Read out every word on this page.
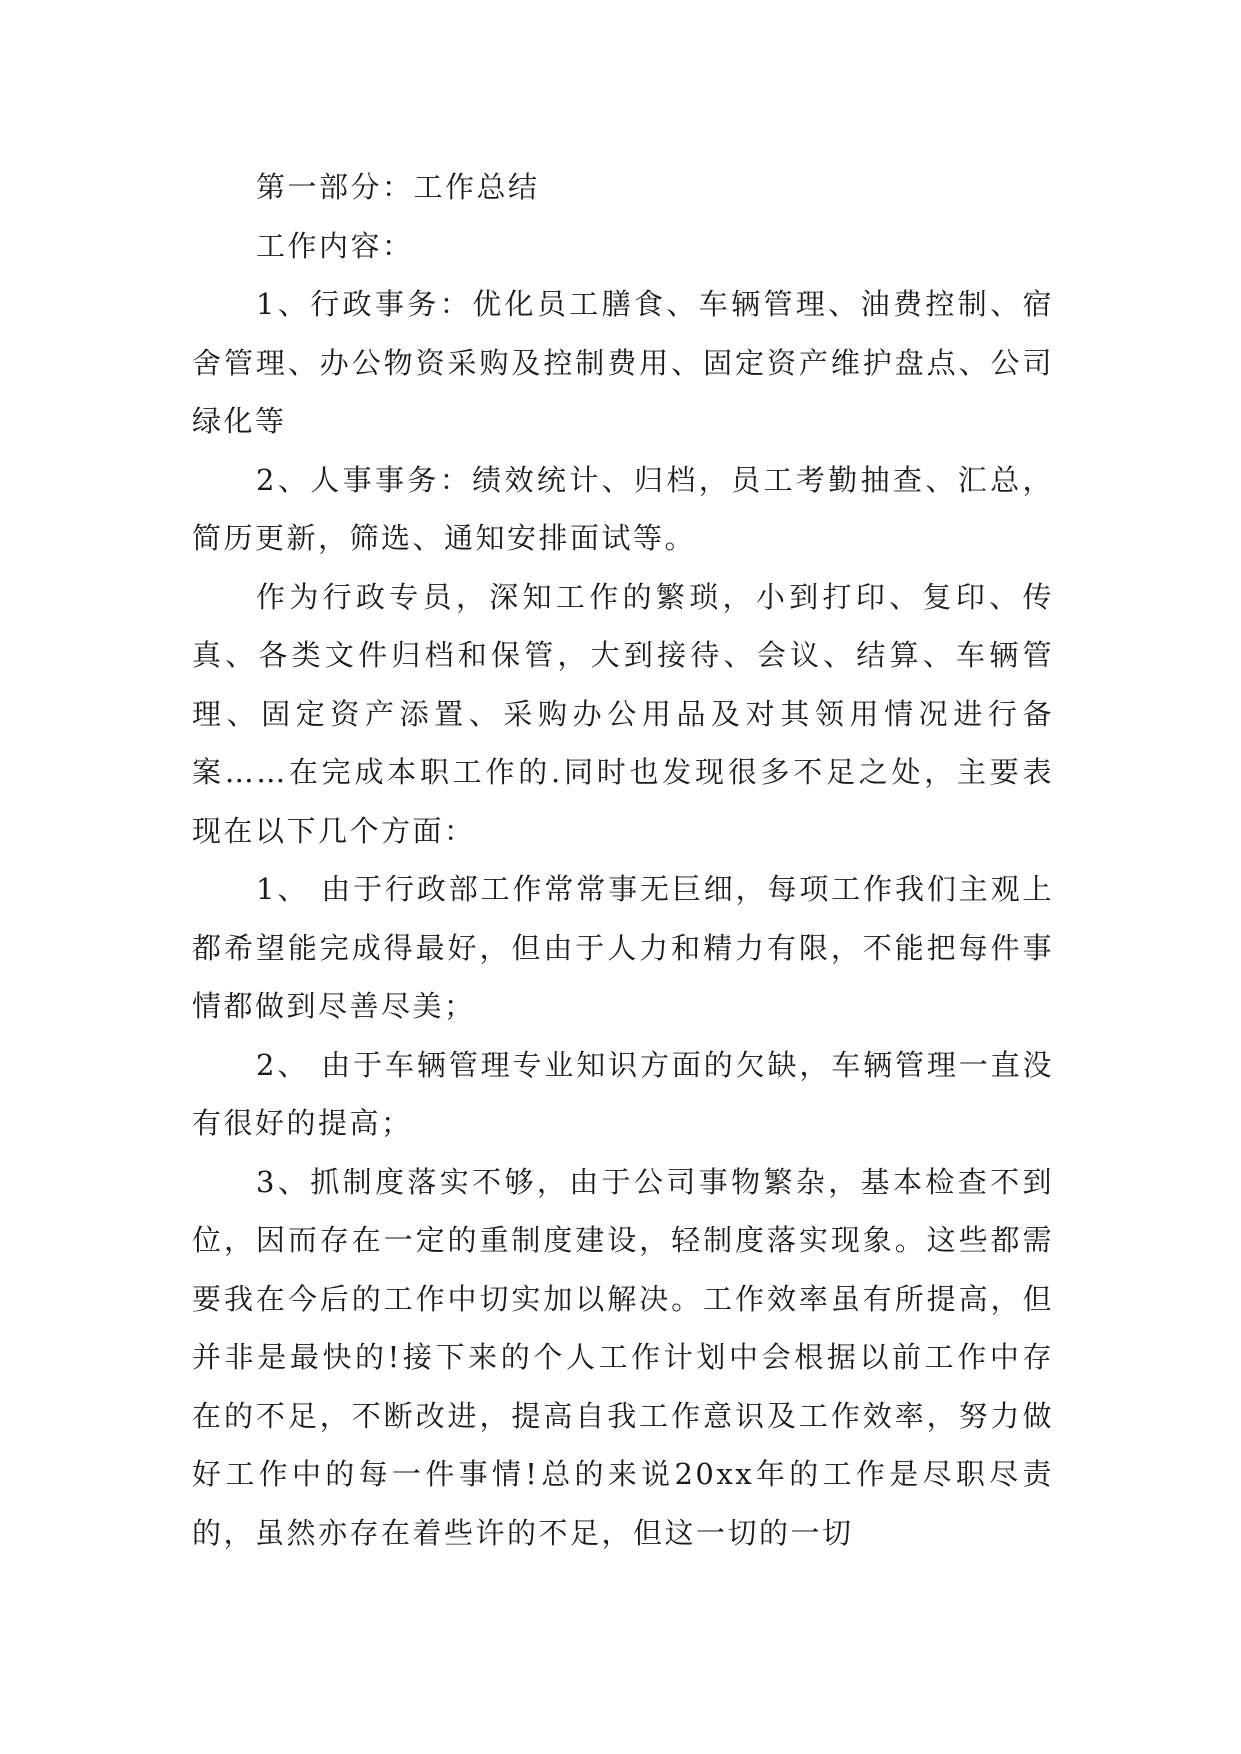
第一部分：工作总结

工作内容：

1、行政事务：优化员工膳食、车辆管理、油费控制、宿舍管理、办公物资采购及控制费用、固定资产维护盘点、公司绿化等

2、人事事务：绩效统计、归档，员工考勤抽查、汇总，简历更新，筛选、通知安排面试等。

作为行政专员，深知工作的繁琐，小到打印、复印、传真、各类文件归档和保管，大到接待、会议、结算、车辆管理、固定资产添置、采购办公用品及对其领用情况进行备案……在完成本职工作的.同时也发现很多不足之处，主要表现在以下几个方面：

1、 由于行政部工作常常事无巨细，每项工作我们主观上都希望能完成得最好，但由于人力和精力有限，不能把每件事情都做到尽善尽美；

2、 由于车辆管理专业知识方面的欠缺，车辆管理一直没有很好的提高；

3、抓制度落实不够，由于公司事物繁杂，基本检查不到位，因而存在一定的重制度建设，轻制度落实现象。这些都需要我在今后的工作中切实加以解决。工作效率虽有所提高，但并非是最快的!接下来的个人工作计划中会根据以前工作中存在的不足，不断改进，提高自我工作意识及工作效率，努力做好工作中的每一件事情!总的来说20xx年的工作是尽职尽责的，虽然亦存在着些许的不足，但这一切的一切
